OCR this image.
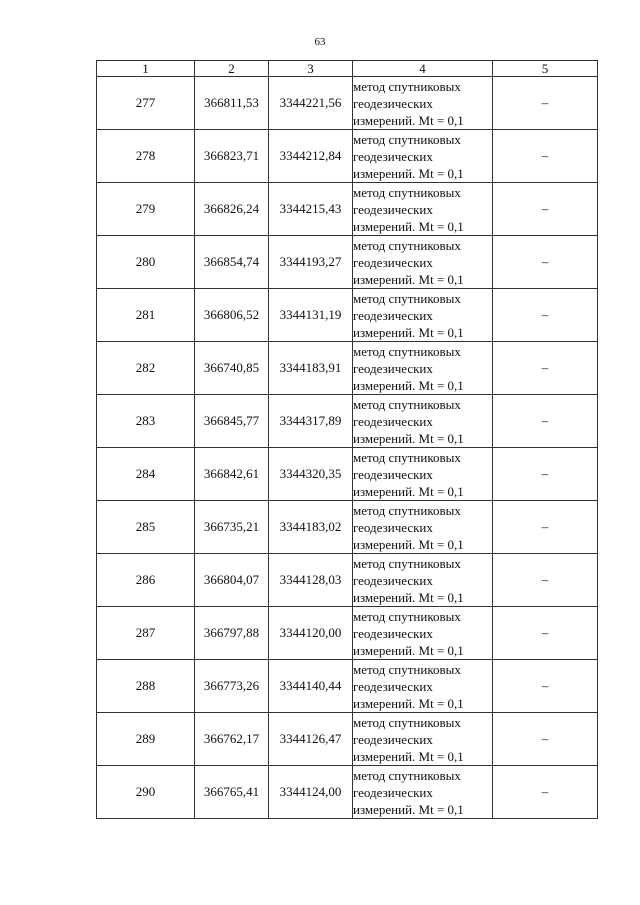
63
1	2	3	4	5
277	366811,53	3344221,56	метод спутниковых
геодезических
измерений. Mt = 0,1	–
278	366823,71	3344212,84	метод спутниковых
геодезических
измерений. Mt = 0,1	–
279	366826,24	3344215,43	метод спутниковых
геодезических
измерений. Mt = 0,1	–
280	366854,74	3344193,27	метод спутниковых
геодезических
измерений. Mt = 0,1	–
281	366806,52	3344131,19	метод спутниковых
геодезических
измерений. Mt = 0,1	–
282	366740,85	3344183,91	метод спутниковых
геодезических
измерений. Mt = 0,1	–
283	366845,77	3344317,89	метод спутниковых
геодезических
измерений. Mt = 0,1	–
284	366842,61	3344320,35	метод спутниковых
геодезических
измерений. Mt = 0,1	–
285	366735,21	3344183,02	метод спутниковых
геодезических
измерений. Mt = 0,1	–
286	366804,07	3344128,03	метод спутниковых
геодезических
измерений. Mt = 0,1	–
287	366797,88	3344120,00	метод спутниковых
геодезических
измерений. Mt = 0,1	–
288	366773,26	3344140,44	метод спутниковых
геодезических
измерений. Mt = 0,1	–
289	366762,17	3344126,47	метод спутниковых
геодезических
измерений. Mt = 0,1	–
290	366765,41	3344124,00	метод спутниковых
геодезических
измерений. Mt = 0,1	–
